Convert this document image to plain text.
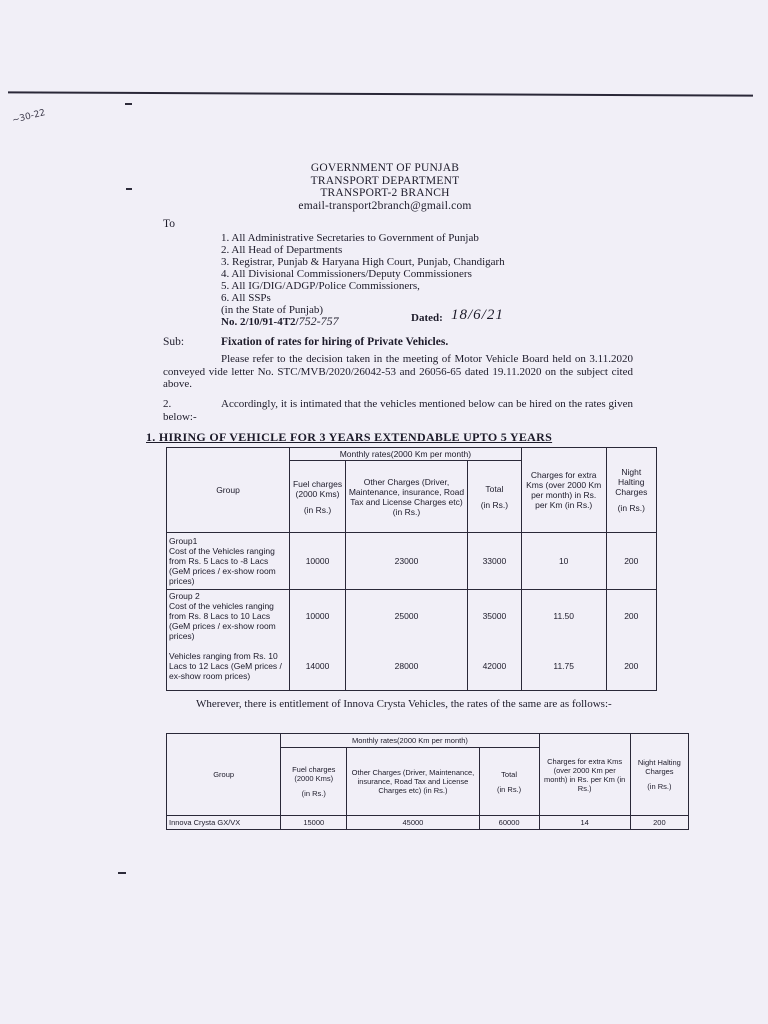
~30-22
GOVERNMENT OF PUNJAB
TRANSPORT DEPARTMENT
TRANSPORT-2 BRANCH
email-transport2branch@gmail.com
To
1. All Administrative Secretaries to Government of Punjab
2. All Head of Departments
3. Registrar, Punjab & Haryana High Court, Punjab, Chandigarh
4. All Divisional Commissioners/Deputy Commissioners
5. All IG/DIG/ADGP/Police Commissioners,
6. All SSPs
(in the State of Punjab)
No. 2/10/91-4T2/752-757	Dated: 18/6/21
Sub:	Fixation of rates for hiring of Private Vehicles.
Please refer to the decision taken in the meeting of Motor Vehicle Board held on 3.11.2020 conveyed vide letter No. STC/MVB/2020/26042-53 and 26056-65 dated 19.11.2020 on the subject cited above.
2.	Accordingly, it is intimated that the vehicles mentioned below can be hired on the rates given below:-
1. HIRING OF VEHICLE FOR 3 YEARS EXTENDABLE UPTO 5 YEARS
Group	Monthly rates(2000 Km per month)			Charges for extra Kms (over 2000 Km per month) in Rs. per Km (in Rs.)	Night Halting Charges
(in Rs.)

	Fuel charges (2000 Kms)
(in Rs.)	Other Charges (Driver, Maintenance, insurance, Road Tax and License Charges etc)
(in Rs.)	Total
(in Rs.)		

Group1
Cost of the Vehicles ranging from Rs. 5 Lacs to -8 Lacs (GeM prices / ex-show room prices)	10000	23000	33000	10	200

Group 2
Cost of the vehicles ranging from Rs. 8 Lacs to 10 Lacs (GeM prices / ex-show room prices)	10000	25000	35000	11.50	200

Vehicles ranging from Rs. 10 Lacs to 12 Lacs (GeM prices / ex-show room prices)	14000	28000	42000	11.75	200
Wherever, there is entitlement of Innova Crysta Vehicles, the rates of the same are as follows:-
Group	Monthly rates(2000 Km per month)			Charges for extra Kms (over 2000 Km per month) in Rs. per Km (in Rs.)	Night Halting Charges
(in Rs.)

	Fuel charges (2000 Kms)
(in Rs.)	Other Charges (Driver, Maintenance, insurance, Road Tax and License Charges etc) (in Rs.)	Total
(in Rs.)		

Innova Crysta GX/VX	15000	45000	60000	14	200
